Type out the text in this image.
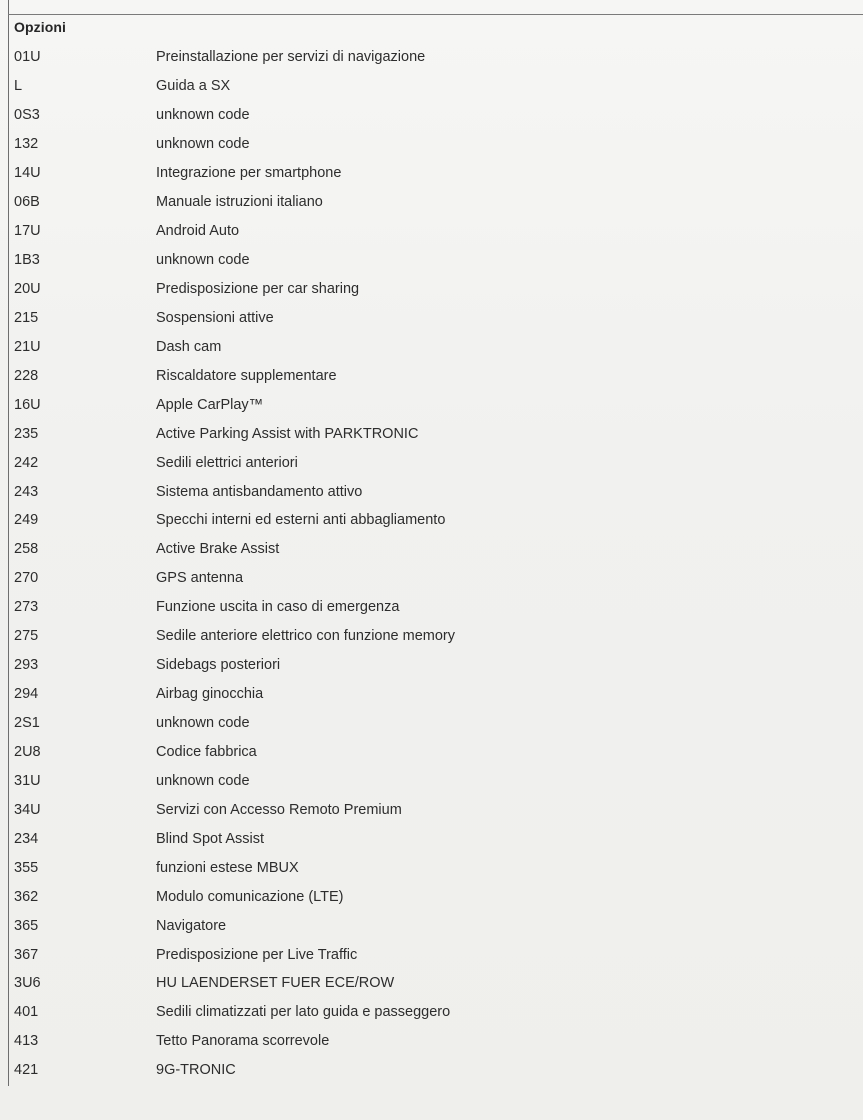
Opzioni
01U	Preinstallazione per servizi di navigazione
L	Guida a SX
0S3	unknown code
132	unknown code
14U	Integrazione per smartphone
06B	Manuale istruzioni italiano
17U	Android Auto
1B3	unknown code
20U	Predisposizione per car sharing
215	Sospensioni attive
21U	Dash cam
228	Riscaldatore supplementare
16U	Apple CarPlay™
235	Active Parking Assist with PARKTRONIC
242	Sedili elettrici anteriori
243	Sistema antisbandamento attivo
249	Specchi interni ed esterni anti abbagliamento
258	Active Brake Assist
270	GPS antenna
273	Funzione uscita in caso di emergenza
275	Sedile anteriore elettrico con funzione memory
293	Sidebags posteriori
294	Airbag ginocchia
2S1	unknown code
2U8	Codice fabbrica
31U	unknown code
34U	Servizi con Accesso Remoto Premium
234	Blind Spot Assist
355	funzioni estese MBUX
362	Modulo comunicazione (LTE)
365	Navigatore
367	Predisposizione per Live Traffic
3U6	HU LAENDERSET FUER ECE/ROW
401	Sedili climatizzati per lato guida e passeggero
413	Tetto Panorama scorrevole
421	9G-TRONIC
